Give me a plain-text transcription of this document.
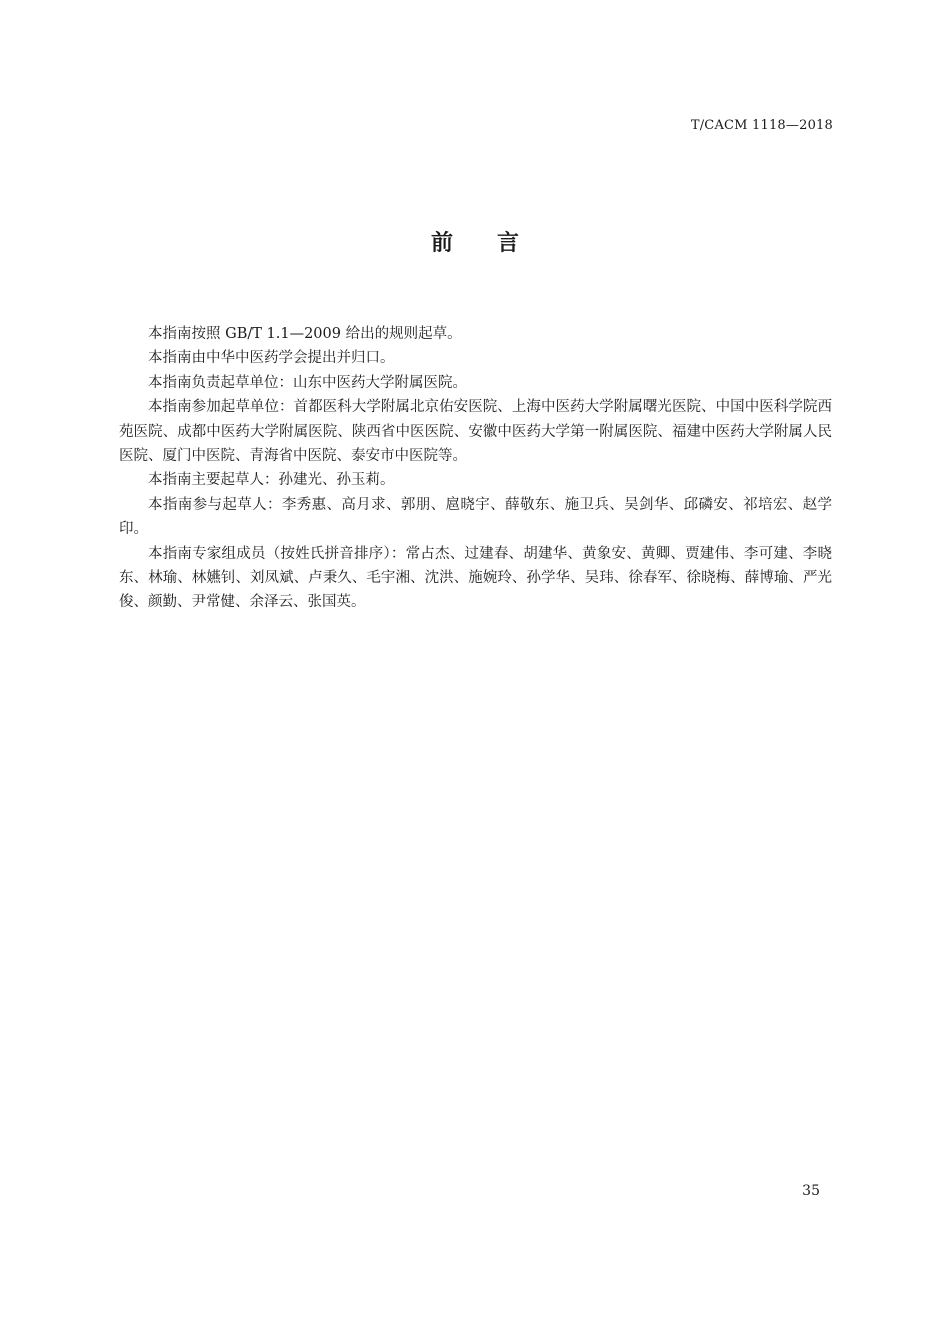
T/CACM 1118—2018
前言

本指南按照 GB/T 1.1—2009 给出的规则起草。

本指南由中华中医药学会提出并归口。

本指南负责起草单位：山东中医药大学附属医院。

本指南参加起草单位：首都医科大学附属北京佑安医院、上海中医药大学附属曙光医院、中国中医科学院西苑医院、成都中医药大学附属医院、陕西省中医医院、安徽中医药大学第一附属医院、福建中医药大学附属人民医院、厦门中医院、青海省中医院、泰安市中医院等。

本指南主要起草人：孙建光、孙玉莉。

本指南参与起草人：李秀惠、高月求、郭朋、扈晓宇、薛敬东、施卫兵、吴剑华、邱磷安、祁培宏、赵学印。

本指南专家组成员（按姓氏拼音排序）：常占杰、过建春、胡建华、黄象安、黄卿、贾建伟、李可建、李晓东、林瑜、林嬿钊、刘凤斌、卢秉久、毛宇湘、沈洪、施婉玲、孙学华、吴玮、徐春军、徐晓梅、薛博瑜、严光俊、颜勤、尹常健、余泽云、张国英。

35
